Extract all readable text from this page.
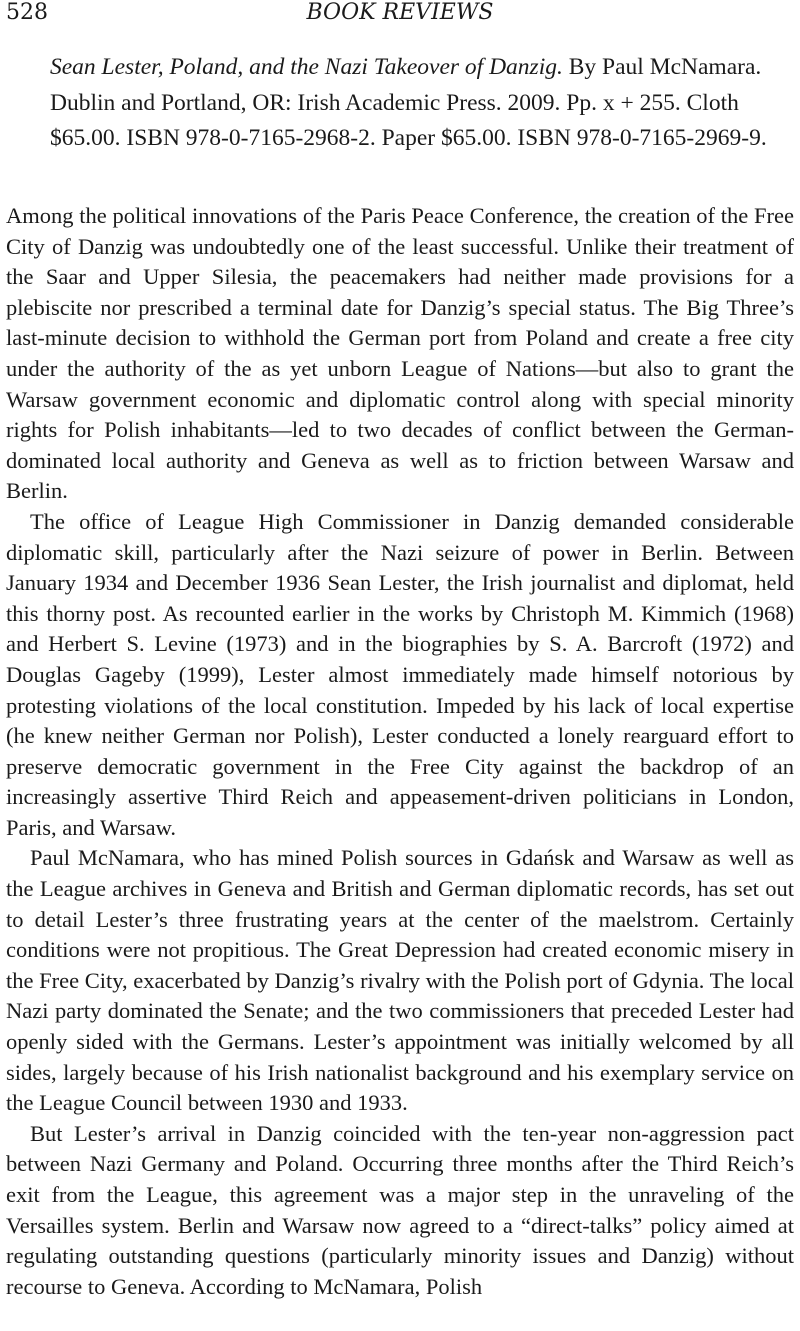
528	BOOK REVIEWS
Sean Lester, Poland, and the Nazi Takeover of Danzig. By Paul McNamara. Dublin and Portland, OR: Irish Academic Press. 2009. Pp. x + 255. Cloth $65.00. ISBN 978-0-7165-2968-2. Paper $65.00. ISBN 978-0-7165-2969-9.

Among the political innovations of the Paris Peace Conference, the creation of the Free City of Danzig was undoubtedly one of the least successful. Unlike their treatment of the Saar and Upper Silesia, the peacemakers had neither made provisions for a plebiscite nor prescribed a terminal date for Danzig’s special status. The Big Three’s last-minute decision to withhold the German port from Poland and create a free city under the authority of the as yet unborn League of Nations—but also to grant the Warsaw government economic and diplomatic control along with special minority rights for Polish inhabitants—led to two decades of conflict between the German-dominated local authority and Geneva as well as to friction between Warsaw and Berlin.

The office of League High Commissioner in Danzig demanded considerable diplomatic skill, particularly after the Nazi seizure of power in Berlin. Between January 1934 and December 1936 Sean Lester, the Irish journalist and diplomat, held this thorny post. As recounted earlier in the works by Christoph M. Kimmich (1968) and Herbert S. Levine (1973) and in the biographies by S. A. Barcroft (1972) and Douglas Gageby (1999), Lester almost immediately made himself notorious by protesting violations of the local constitution. Impeded by his lack of local expertise (he knew neither German nor Polish), Lester conducted a lonely rearguard effort to preserve democratic government in the Free City against the backdrop of an increasingly assertive Third Reich and appeasement-driven politicians in London, Paris, and Warsaw.

Paul McNamara, who has mined Polish sources in Gdańsk and Warsaw as well as the League archives in Geneva and British and German diplomatic records, has set out to detail Lester’s three frustrating years at the center of the maelstrom. Certainly conditions were not propitious. The Great Depression had created economic misery in the Free City, exacerbated by Danzig’s rivalry with the Polish port of Gdynia. The local Nazi party dominated the Senate; and the two commissioners that preceded Lester had openly sided with the Germans. Lester’s appointment was initially welcomed by all sides, largely because of his Irish nationalist background and his exemplary service on the League Council between 1930 and 1933.

But Lester’s arrival in Danzig coincided with the ten-year non-aggression pact between Nazi Germany and Poland. Occurring three months after the Third Reich’s exit from the League, this agreement was a major step in the unraveling of the Versailles system. Berlin and Warsaw now agreed to a “direct-talks” policy aimed at regulating outstanding questions (particularly minority issues and Danzig) without recourse to Geneva. According to McNamara, Polish
